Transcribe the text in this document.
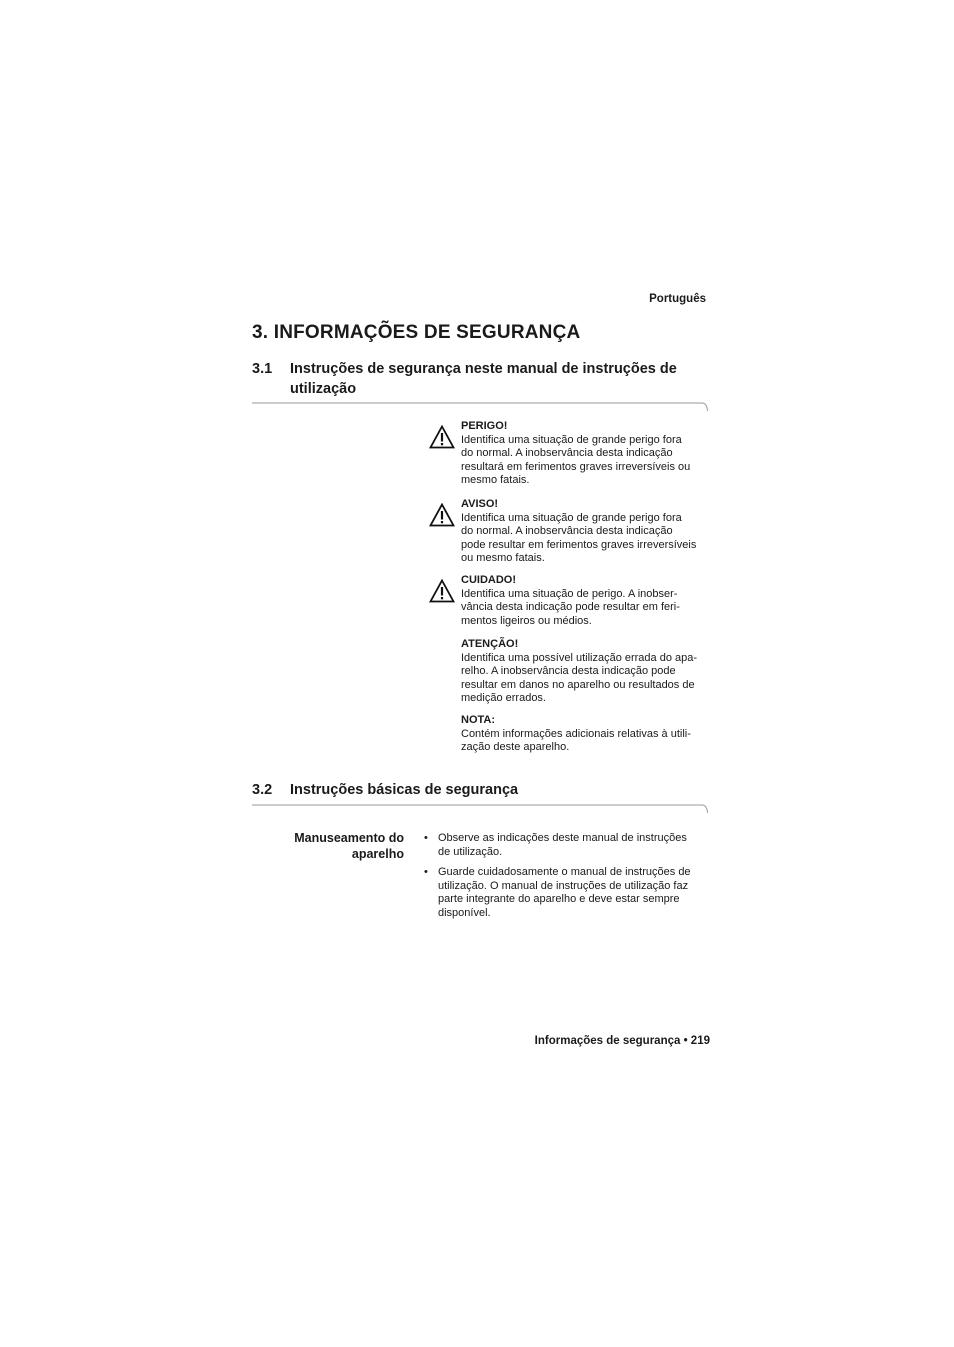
Português
3. INFORMAÇÕES DE SEGURANÇA
3.1	Instruções de segurança neste manual de instruções de utilização
PERIGO!
Identifica uma situação de grande perigo fora
do normal. A inobservância desta indicação
resultará em ferimentos graves irreversíveis ou
mesmo fatais.
AVISO!
Identifica uma situação de grande perigo fora
do normal. A inobservância desta indicação
pode resultar em ferimentos graves irreversíveis
ou mesmo fatais.
CUIDADO!
Identifica uma situação de perigo. A inobser-
vância desta indicação pode resultar em feri-
mentos ligeiros ou médios.
ATENÇÃO!
Identifica uma possível utilização errada do apa-
relho. A inobservância desta indicação pode
resultar em danos no aparelho ou resultados de
medição errados.
NOTA:
Contém informações adicionais relativas à utili-
zação deste aparelho.
3.2	Instruções básicas de segurança
Manuseamento do
aparelho
• Observe as indicações deste manual de instruções
de utilização.
• Guarde cuidadosamente o manual de instruções de
utilização. O manual de instruções de utilização faz
parte integrante do aparelho e deve estar sempre
disponível.
Informações de segurança • 219
